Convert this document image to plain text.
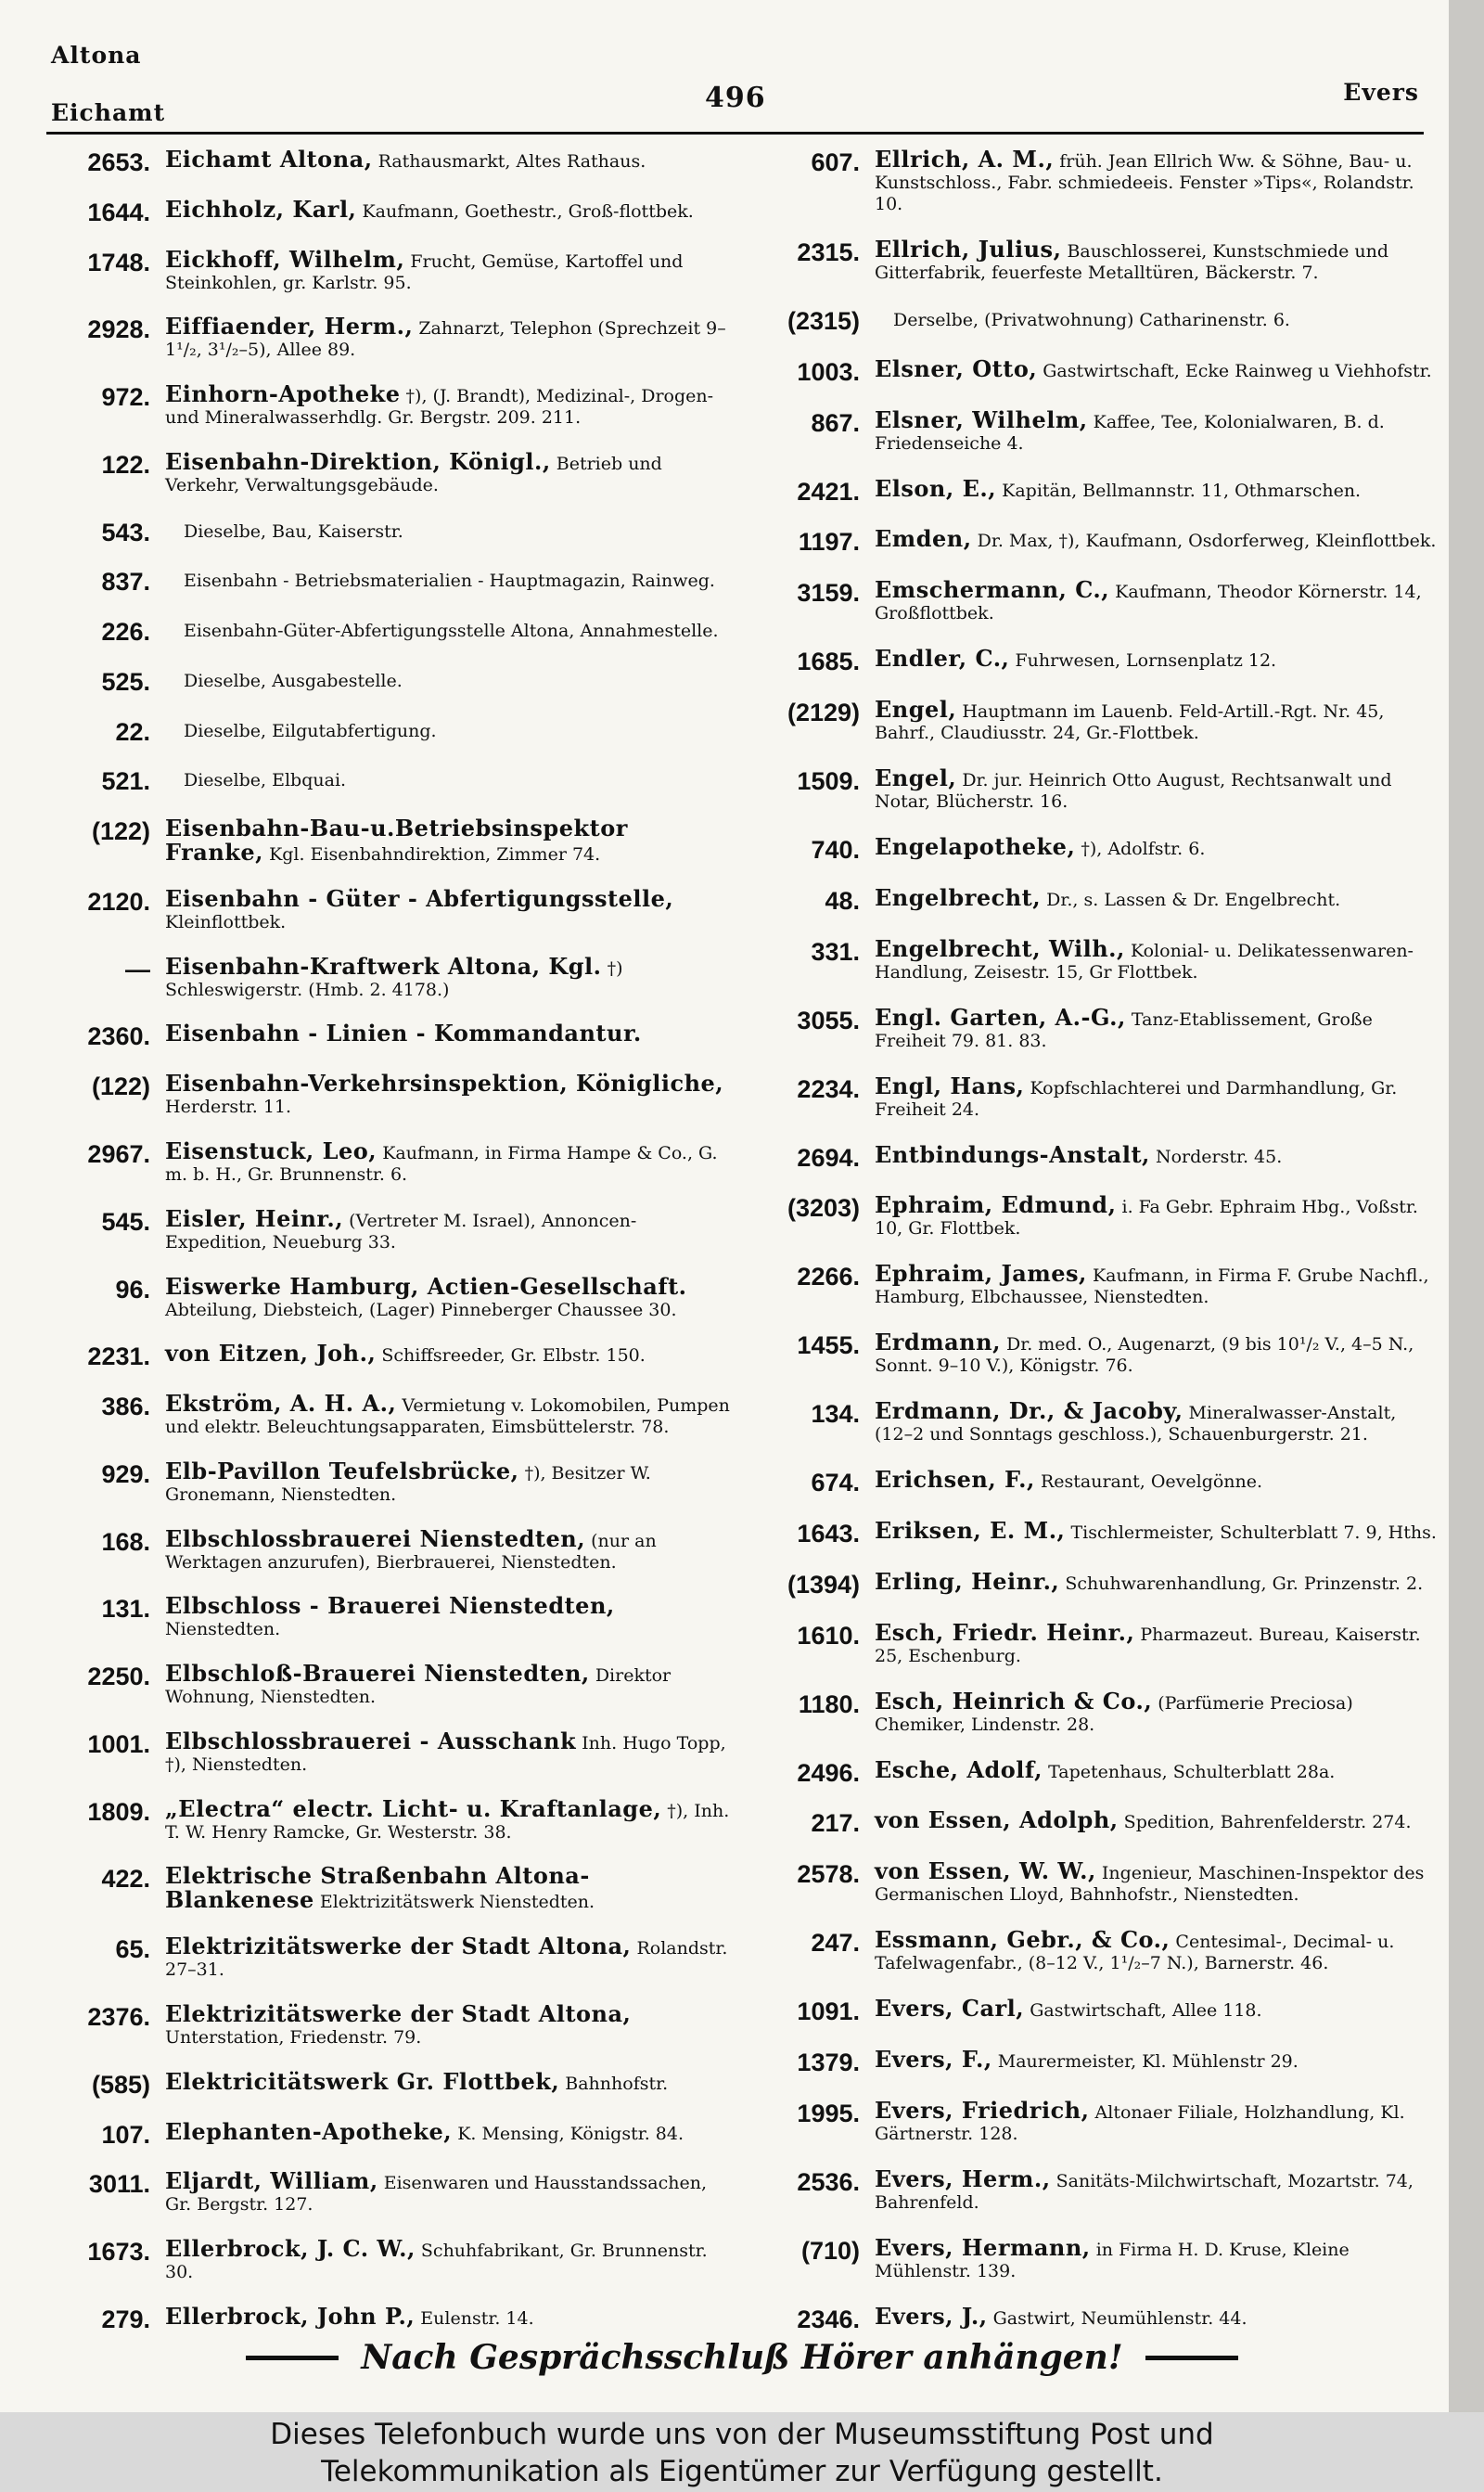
Altona
Eichamt	496	Evers
2653. Eichamt Altona, Rathausmarkt, Altes Rathaus.
1644. Eichholz, Karl, Kaufmann, Goethestr., Groß-flottbek.
1748. Eickhoff, Wilhelm, Frucht, Gemüse, Kartoffel und Steinkohlen, gr. Karlstr. 95.
2928. Eiffiaender, Herm., Zahnarzt, Telephon (Sprechzeit 9–1¹/₂, 3¹/₂–5), Allee 89.
972. Einhorn-Apotheke †), (J. Brandt), Medizinal-, Drogen- und Mineralwasserhdlg. Gr. Bergstr. 209. 211.
122. Eisenbahn-Direktion, Königl., Betrieb und Verkehr, Verwaltungsgebäude.
543.	Dieselbe, Bau, Kaiserstr.
837.	Eisenbahn - Betriebsmaterialien - Hauptmagazin, Rainweg.
226.	Eisenbahn-Güter-Abfertigungsstelle Altona, Annahmestelle.
525.	Dieselbe, Ausgabestelle.
22.	Dieselbe, Eilgutabfertigung.
521.	Dieselbe, Elbquai.
(122) Eisenbahn-Bau-u.Betriebsinspektor Franke, Kgl. Eisenbahndirektion, Zimmer 74.
2120. Eisenbahn - Güter - Abfertigungsstelle, Kleinflottbek.
— Eisenbahn-Kraftwerk Altona, Kgl. †) Schleswigerstr. (Hmb. 2. 4178.)
2360. Eisenbahn - Linien - Kommandantur.
(122) Eisenbahn-Verkehrsinspektion, Königliche, Herderstr. 11.
2967. Eisenstuck, Leo, Kaufmann, in Firma Hampe & Co., G. m. b. H., Gr. Brunnenstr. 6.
545. Eisler, Heinr., (Vertreter M. Israel), Annoncen-Expedition, Neueburg 33.
96. Eiswerke Hamburg, Actien-Gesellschaft. Abteilung, Diebsteich, (Lager) Pinneberger Chaussee 30.
2231. von Eitzen, Joh., Schiffsreeder, Gr. Elbstr. 150.
386. Ekström, A. H. A., Vermietung v. Lokomobilen, Pumpen und elektr. Beleuchtungsapparaten, Eimsbüttelerstr. 78.
929. Elb-Pavillon Teufelsbrücke, †), Besitzer W. Gronemann, Nienstedten.
168. Elbschlossbrauerei Nienstedten, (nur an Werktagen anzurufen), Bierbrauerei, Nienstedten.
131. Elbschloss - Brauerei Nienstedten, Nienstedten.
2250. Elbschloß-Brauerei Nienstedten, Direktor Wohnung, Nienstedten.
1001. Elbschlossbrauerei - Ausschank Inh. Hugo Topp, †), Nienstedten.
1809. „Electra“ electr. Licht- u. Kraftanlage, †), Inh. T. W. Henry Ramcke, Gr. Westerstr. 38.
422. Elektrische Straßenbahn Altona-Blankenese Elektrizitätswerk Nienstedten.
65. Elektrizitätswerke der Stadt Altona, Rolandstr. 27–31.
2376. Elektrizitätswerke der Stadt Altona, Unterstation, Friedenstr. 79.
(585) Elektricitätswerk Gr. Flottbek, Bahnhofstr.
107. Elephanten-Apotheke, K. Mensing, Königstr. 84.
3011. Eljardt, William, Eisenwaren und Hausstandssachen, Gr. Bergstr. 127.
1673. Ellerbrock, J. C. W., Schuhfabrikant, Gr. Brunnenstr. 30.
279. Ellerbrock, John P., Eulenstr. 14.
607. Ellrich, A. M., früh. Jean Ellrich Ww. & Söhne, Bau- u. Kunstschloss., Fabr. schmiedeeis. Fenster »Tips«, Rolandstr. 10.
2315. Ellrich, Julius, Bauschlosserei, Kunstschmiede und Gitterfabrik, feuerfeste Metalltüren, Bäckerstr. 7.
(2315)	Derselbe, (Privatwohnung) Catharinenstr. 6.
1003. Elsner, Otto, Gastwirtschaft, Ecke Rainweg u Viehhofstr.
867. Elsner, Wilhelm, Kaffee, Tee, Kolonialwaren, B. d. Friedenseiche 4.
2421. Elson, E., Kapitän, Bellmannstr. 11, Othmarschen.
1197. Emden, Dr. Max, †), Kaufmann, Osdorferweg, Kleinflottbek.
3159. Emschermann, C., Kaufmann, Theodor Körnerstr. 14, Großflottbek.
1685. Endler, C., Fuhrwesen, Lornsenplatz 12.
(2129) Engel, Hauptmann im Lauenb. Feld-Artill.-Rgt. Nr. 45, Bahrf., Claudiusstr. 24, Gr.-Flottbek.
1509. Engel, Dr. jur. Heinrich Otto August, Rechtsanwalt und Notar, Blücherstr. 16.
740. Engelapotheke, †), Adolfstr. 6.
48. Engelbrecht, Dr., s. Lassen & Dr. Engelbrecht.
331. Engelbrecht, Wilh., Kolonial- u. Delikatessenwaren-Handlung, Zeisestr. 15, Gr Flottbek.
3055. Engl. Garten, A.-G., Tanz-Etablissement, Große Freiheit 79. 81. 83.
2234. Engl, Hans, Kopfschlachterei und Darmhandlung, Gr. Freiheit 24.
2694. Entbindungs-Anstalt, Norderstr. 45.
(3203) Ephraim, Edmund, i. Fa Gebr. Ephraim Hbg., Voßstr. 10, Gr. Flottbek.
2266. Ephraim, James, Kaufmann, in Firma F. Grube Nachfl., Hamburg, Elbchaussee, Nienstedten.
1455. Erdmann, Dr. med. O., Augenarzt, (9 bis 10¹/₂ V., 4–5 N., Sonnt. 9–10 V.), Königstr. 76.
134. Erdmann, Dr., & Jacoby, Mineralwasser-Anstalt, (12–2 und Sonntags geschloss.), Schauenburgerstr. 21.
674. Erichsen, F., Restaurant, Oevelgönne.
1643. Eriksen, E. M., Tischlermeister, Schulterblatt 7. 9, Hths.
(1394) Erling, Heinr., Schuhwarenhandlung, Gr. Prinzenstr. 2.
1610. Esch, Friedr. Heinr., Pharmazeut. Bureau, Kaiserstr. 25, Eschenburg.
1180. Esch, Heinrich & Co., (Parfümerie Preciosa) Chemiker, Lindenstr. 28.
2496. Esche, Adolf, Tapetenhaus, Schulterblatt 28a.
217. von Essen, Adolph, Spedition, Bahrenfelderstr. 274.
2578. von Essen, W. W., Ingenieur, Maschinen-Inspektor des Germanischen Lloyd, Bahnhofstr., Nienstedten.
247. Essmann, Gebr., & Co., Centesimal-, Decimal- u. Tafelwagenfabr., (8–12 V., 1¹/₂–7 N.), Barnerstr. 46.
1091. Evers, Carl, Gastwirtschaft, Allee 118.
1379. Evers, F., Maurermeister, Kl. Mühlenstr 29.
1995. Evers, Friedrich, Altonaer Filiale, Holzhandlung, Kl. Gärtnerstr. 128.
2536. Evers, Herm., Sanitäts-Milchwirtschaft, Mozartstr. 74, Bahrenfeld.
(710) Evers, Hermann, in Firma H. D. Kruse, Kleine Mühlenstr. 139.
2346. Evers, J., Gastwirt, Neumühlenstr. 44.
Nach Gesprächsschluß Hörer anhängen!
Dieses Telefonbuch wurde uns von der Museumsstiftung Post und
Telekommunikation als Eigentümer zur Verfügung gestellt.
